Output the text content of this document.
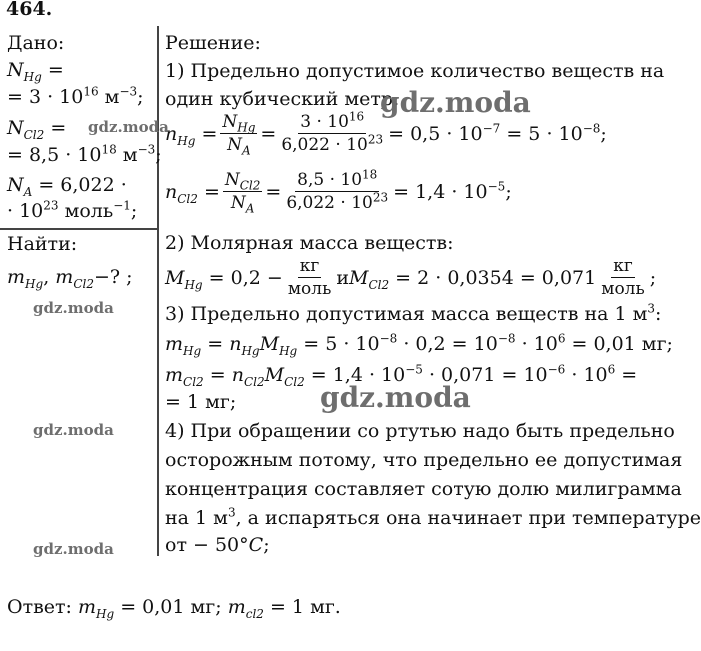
464.
Дано:
$N_{Hg}$ =
= $3 \cdot 10^{16}$ $м^{-3}$;
$N_{Cl2}$ =
= $8,5 \cdot 10^{18}$ $м^{-3}$;
$N_A = 6,022$ ·
· $10^{23}$ моль$^{-1}$;
Найти:
$m_{Hg}$, $m_{Cl2}-$? ;
Решение:
1) Предельно допустимое количество веществ на
один кубический метр:
$n_{Hg} = \frac{N_{Hg}}{N_A} = \frac{3 \cdot 10^{16}}{6,022 \cdot 10^{23}} = 0,5 \cdot 10^{-7} = 5 \cdot 10^{-8}$;
$n_{Cl2} = \frac{N_{Cl2}}{N_A} = \frac{8,5 \cdot 10^{18}}{6,022 \cdot 10^{23}} = 1,4 \cdot 10^{-5}$;
2) Молярная масса веществ:
$M_{Hg} = 0,2 - \frac{кг}{\text{моль}}$ и $M_{Cl2} = 2 \cdot 0,0354 = 0,071 \frac{кг}{\text{моль}}$ ;
3) Предельно допустимая масса веществ на 1 $м^3$:
$m_{Hg} = n_{Hg}M_{Hg} = 5 \cdot 10^{-8} \cdot 0,2 = 10^{-8} \cdot 10^6 = 0,01$ мг;
$m_{Cl2} = n_{Cl2}M_{Cl2} = 1,4 \cdot 10^{-5} \cdot 0,071 = 10^{-6} \cdot 10^6$ =
= 1 мг;
4) При обращении со ртутью надо быть предельно
осторожным потому, что предельно ее допустимая
концентрация составляет сотую долю милиграмма
на 1 $м^3$, а испаряться она начинает при температуре
от − 50°C;
Ответ: $m_{Hg} = 0,01$ мг; $m_{cl2} = 1$ мг.
gdz.moda
gdz.moda
gdz.moda
gdz.moda
gdz.moda
gdz.moda
